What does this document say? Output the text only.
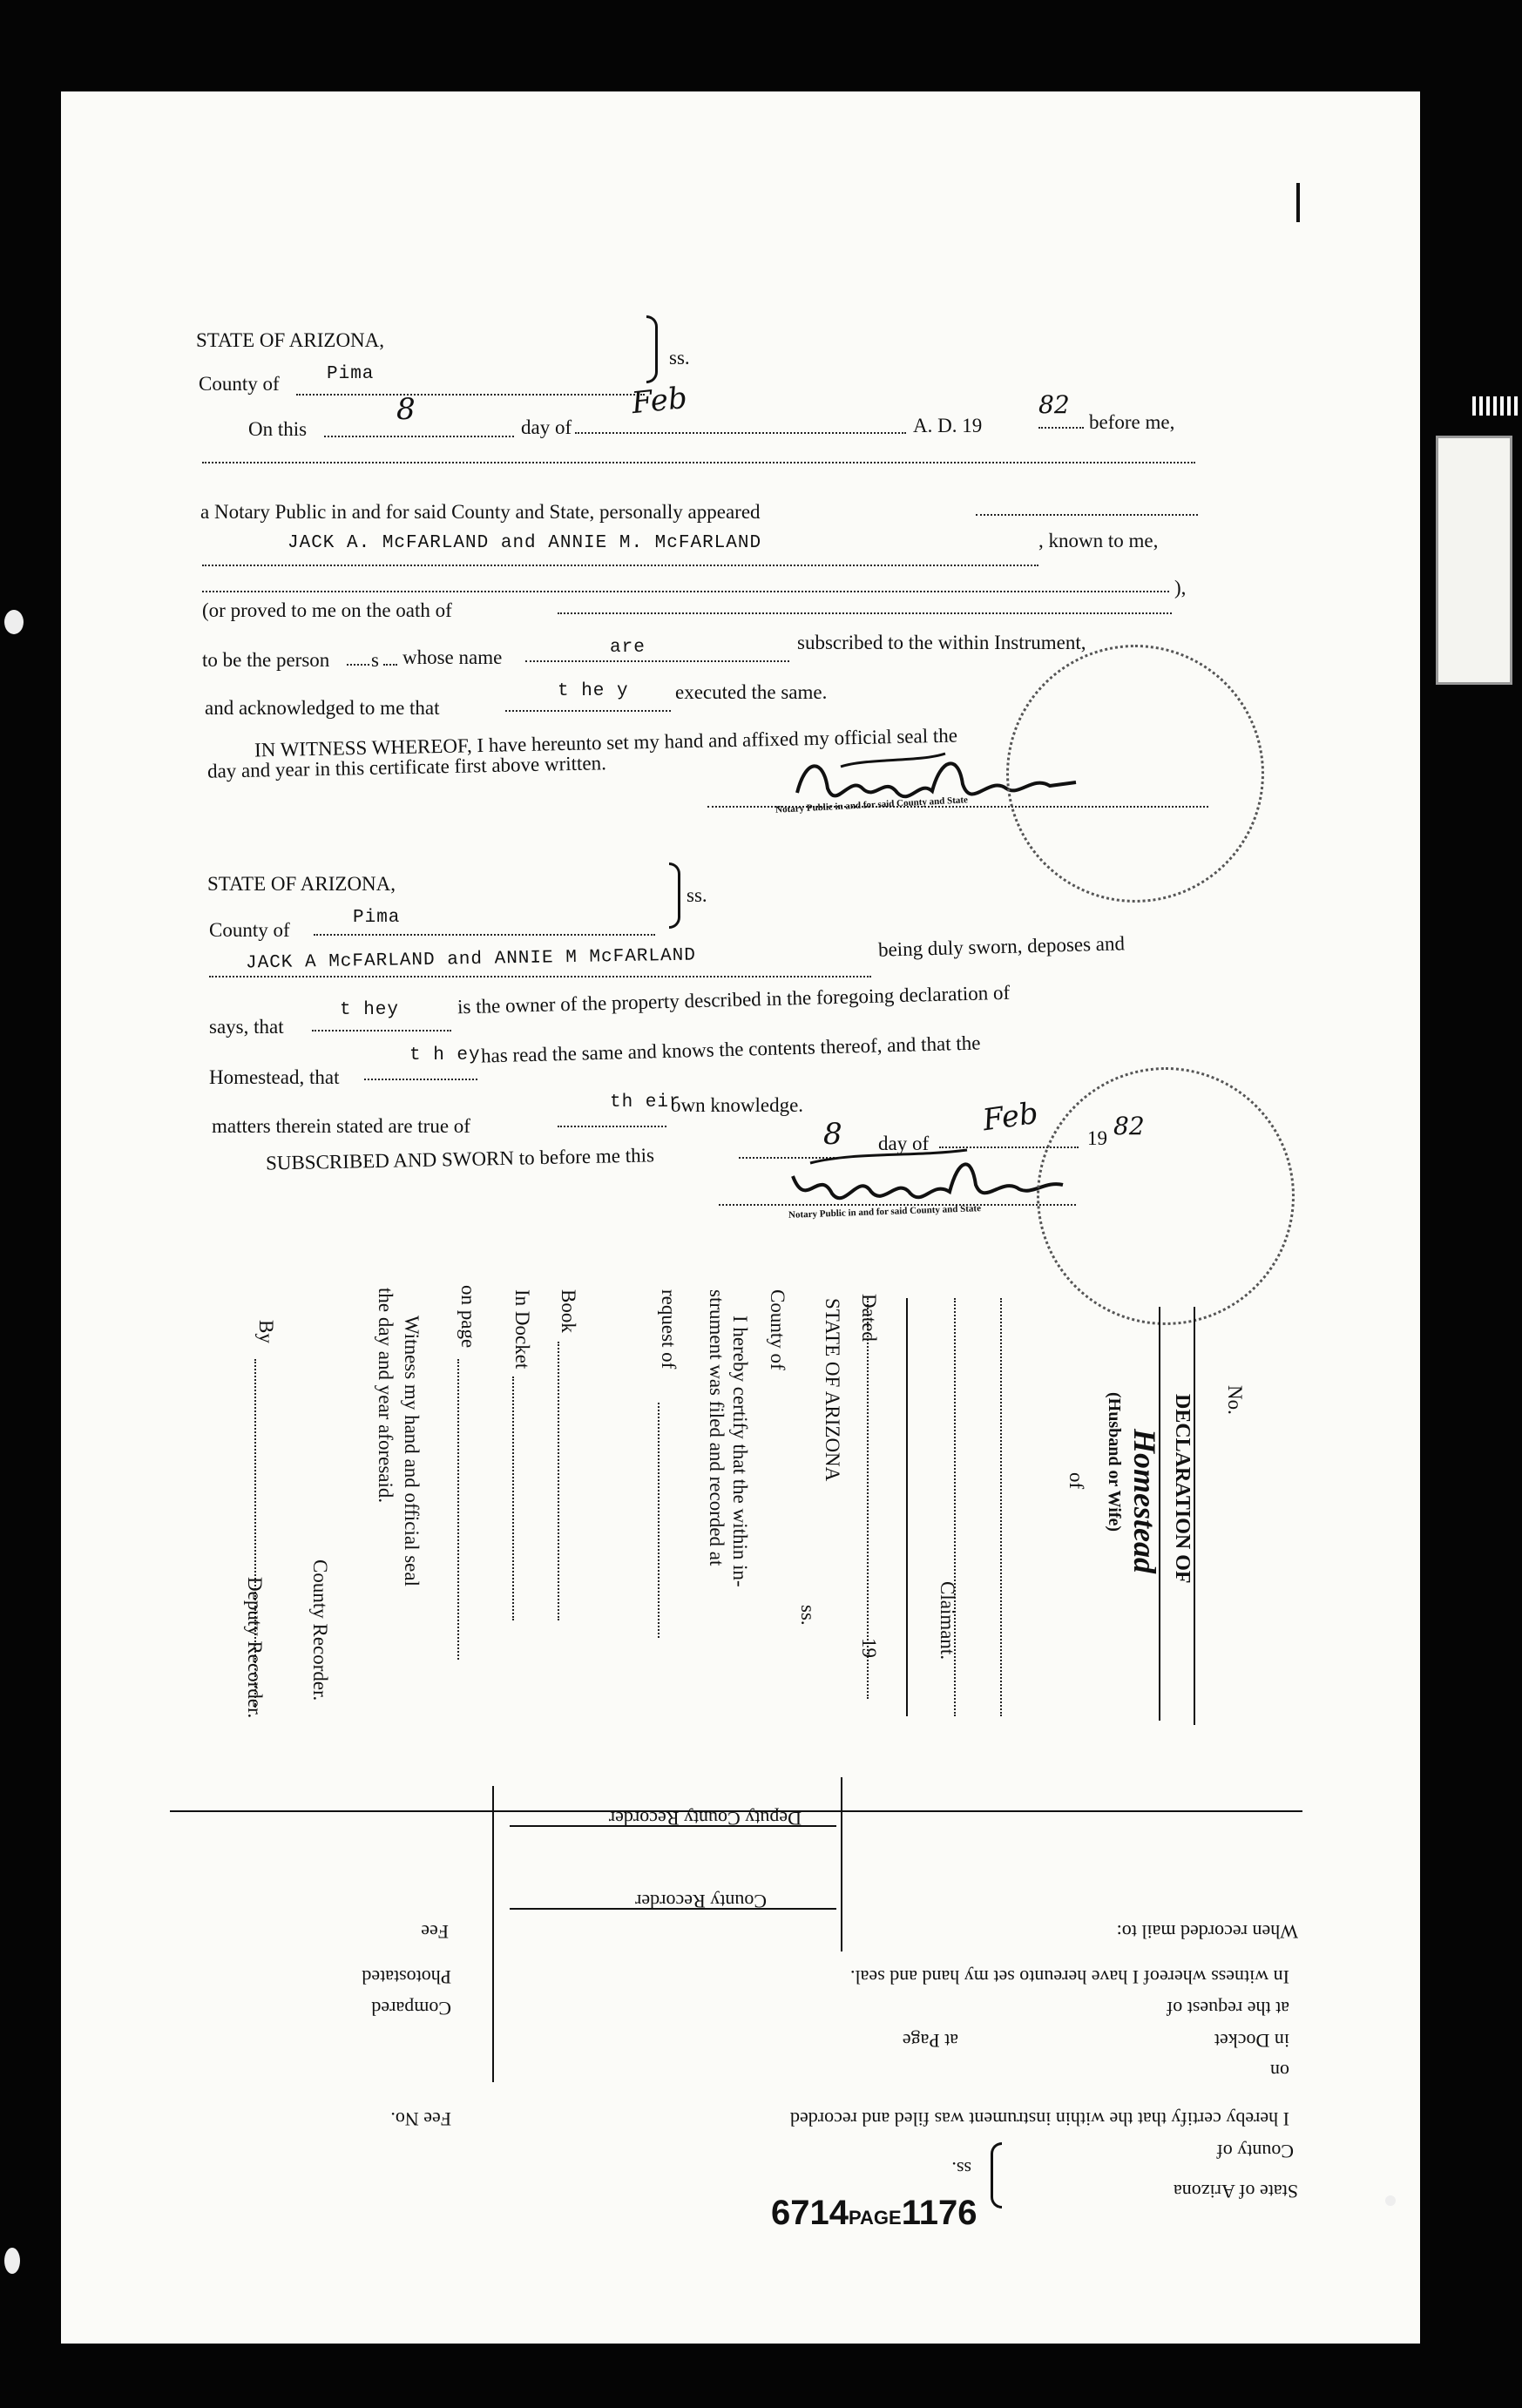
STATE OF ARIZONA,
ss.
County of	Pima
On this
8
day of
Feb
A. D. 19
82
before me,
a Notary Public in and for said County and State, personally appeared
JACK A. McFARLAND and ANNIE M. McFARLAND	, known to me,
(or proved to me on the oath of
),
to be the person s whose name	are	subscribed to the within Instrument,
and acknowledged to me that
t he y executed the same.
IN WITNESS WHEREOF, I have hereunto set my hand and affixed my official seal the
day and year in this certificate first above written.
Notary Public in and for said County and State
STATE OF ARIZONA,
ss.
County of
Pima
JACK A McFARLAND and ANNIE M McFARLAND	being duly sworn, deposes and
says, that
t hey	is the owner of the property described in the foregoing declaration of
Homestead, that
t h ey has read the same and knows the contents thereof, and that the
matters therein stated are true of
th eir
own knowledge.
SUBSCRIBED AND SWORN to before me this
8 day of
Feb
19 82
Notary Public in and for said County and State
No.
DECLARATION OF
Homestead
(Husband or Wife)
of
Claimant.
Dated
19
STATE OF ARIZONA
ss.
County of
I hereby certify that the within in-
strument was filed and recorded at
request of
Book
In Docket
on page
Witness my hand and official seal
the day and year aforesaid.
County Recorder.
By
Deputy Recorder.
Deputy County Recorder
County Recorder
When recorded mail to:
Fee
In witness whereof I have hereunto set my hand and seal.
Photostated
at the request of
Compared
in Docket
at Page
on
I hereby certify that the within instrument was filed and recorded
Fee No.
County of
State of Arizona
ss.
6714PAGE1176
